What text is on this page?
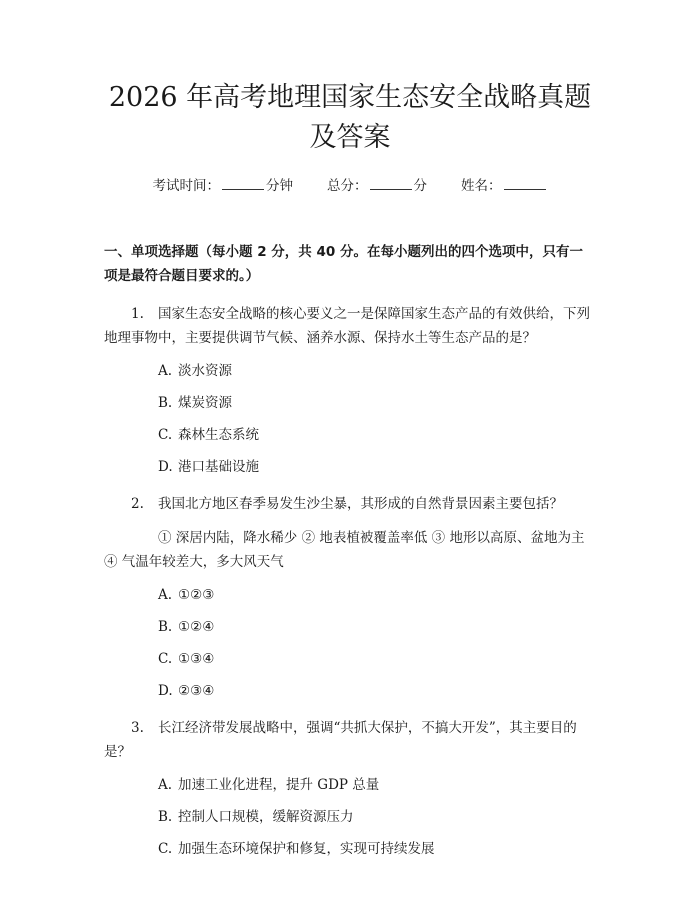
2026 年高考地理国家生态安全战略真题及答案
考试时间：	分钟	总分：	分	姓名：
一、单项选择题（每小题 2 分，共 40 分。在每小题列出的四个选项中，只有一项是最符合题目要求的。）
1. 国家生态安全战略的核心要义之一是保障国家生态产品的有效供给，下列地理事物中，主要提供调节气候、涵养水源、保持水土等生态产品的是？
A. 淡水资源
B. 煤炭资源
C. 森林生态系统
D. 港口基础设施
2. 我国北方地区春季易发生沙尘暴，其形成的自然背景因素主要包括？
① 深居内陆，降水稀少 ② 地表植被覆盖率低 ③ 地形以高原、盆地为主 ④ 气温年较差大，多大风天气
A. ①②③
B. ①②④
C. ①③④
D. ②③④
3. 长江经济带发展战略中，强调“共抓大保护，不搞大开发”，其主要目的是？
A. 加速工业化进程，提升 GDP 总量
B. 控制人口规模，缓解资源压力
C. 加强生态环境保护和修复，实现可持续发展
